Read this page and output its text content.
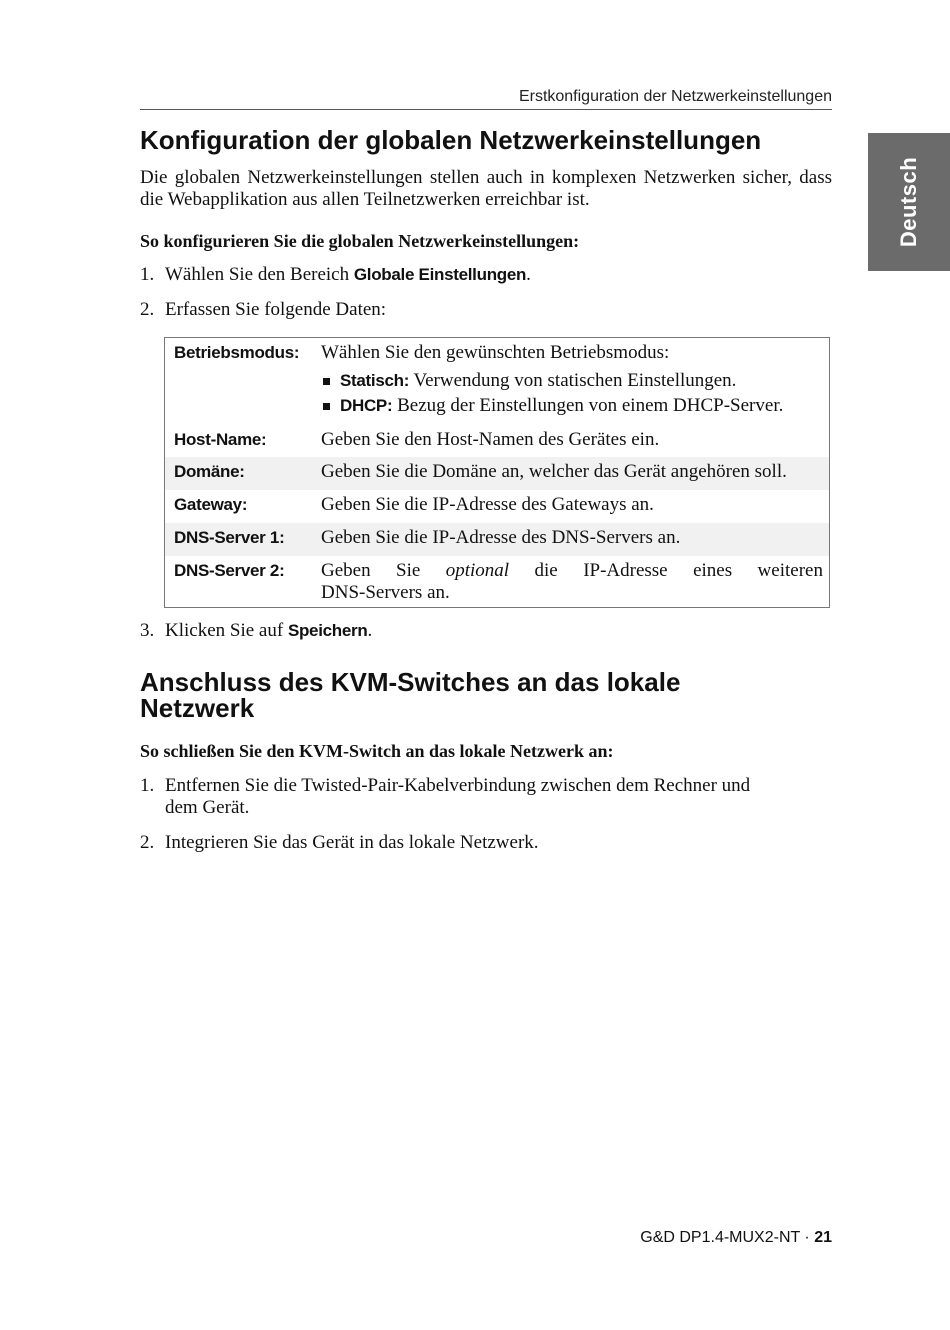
Erstkonfiguration der Netzwerkeinstellungen
Deutsch
Konfiguration der globalen Netzwerkeinstellungen

Die globalen Netzwerkeinstellungen stellen auch in komplexen Netzwerken sicher, dass die Webapplikation aus allen Teilnetzwerken erreichbar ist.

So konfigurieren Sie die globalen Netzwerkeinstellungen:

1. Wählen Sie den Bereich Globale Einstellungen.
2. Erfassen Sie folgende Daten:
Betriebsmodus: Wählen Sie den gewünschten Betriebsmodus:
Statisch: Verwendung von statischen Einstellungen.
DHCP: Bezug der Einstellungen von einem DHCP-Server.
Host-Name:	Geben Sie den Host-Namen des Gerätes ein.
Domäne:	Geben Sie die Domäne an, welcher das Gerät angehören soll.
Gateway:	Geben Sie die IP-Adresse des Gateways an.
DNS-Server 1: Geben Sie die IP-Adresse des DNS-Servers an.
DNS-Server 2: Geben Sie optional die IP-Adresse eines weiteren
DNS-Servers an.
3. Klicken Sie auf Speichern.
Anschluss des KVM-Switches an das lokale
Netzwerk

So schließen Sie den KVM-Switch an das lokale Netzwerk an:

1. Entfernen Sie die Twisted-Pair-Kabelverbindung zwischen dem Rechner und
dem Gerät.
2. Integrieren Sie das Gerät in das lokale Netzwerk.
G&D DP1.4-MUX2-NT · 21
